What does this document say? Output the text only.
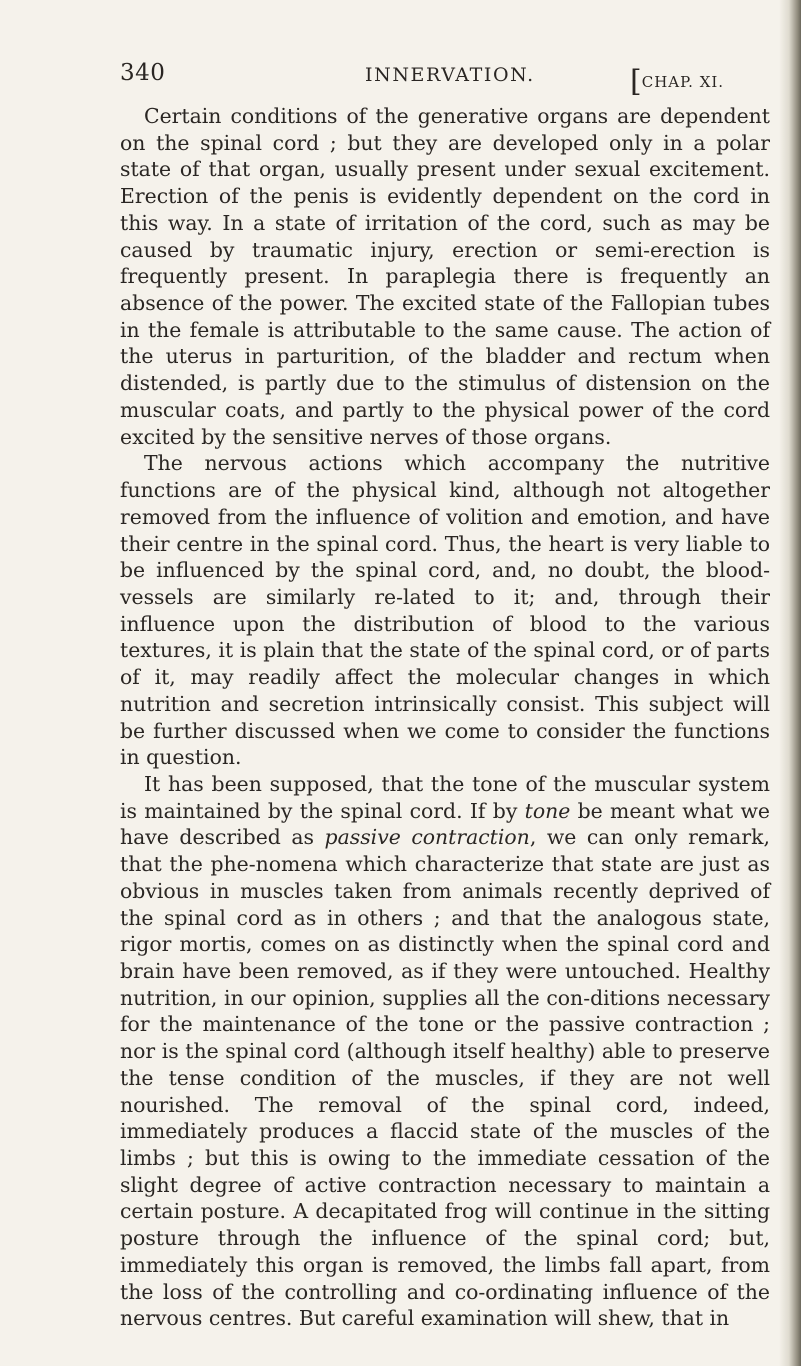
340	INNERVATION.	[CHAP. XI.

Certain conditions of the generative organs are dependent on the spinal cord ; but they are developed only in a polar state of that organ, usually present under sexual excitement. Erection of the penis is evidently dependent on the cord in this way. In a state of irritation of the cord, such as may be caused by traumatic injury, erection or semi-erection is frequently present. In paraplegia there is frequently an absence of the power. The excited state of the Fallopian tubes in the female is attributable to the same cause. The action of the uterus in parturition, of the bladder and rectum when distended, is partly due to the stimulus of distension on the muscular coats, and partly to the physical power of the cord excited by the sensitive nerves of those organs.

The nervous actions which accompany the nutritive functions are of the physical kind, although not altogether removed from the influence of volition and emotion, and have their centre in the spinal cord. Thus, the heart is very liable to be influenced by the spinal cord, and, no doubt, the blood-vessels are similarly re-lated to it; and, through their influence upon the distribution of blood to the various textures, it is plain that the state of the spinal cord, or of parts of it, may readily affect the molecular changes in which nutrition and secretion intrinsically consist. This subject will be further discussed when we come to consider the functions in question.

It has been supposed, that the tone of the muscular system is maintained by the spinal cord. If by tone be meant what we have described as passive contraction, we can only remark, that the phe-nomena which characterize that state are just as obvious in muscles taken from animals recently deprived of the spinal cord as in others ; and that the analogous state, rigor mortis, comes on as distinctly when the spinal cord and brain have been removed, as if they were untouched. Healthy nutrition, in our opinion, supplies all the con-ditions necessary for the maintenance of the tone or the passive contraction ; nor is the spinal cord (although itself healthy) able to preserve the tense condition of the muscles, if they are not well nourished. The removal of the spinal cord, indeed, immediately produces a flaccid state of the muscles of the limbs ; but this is owing to the immediate cessation of the slight degree of active contraction necessary to maintain a certain posture. A decapitated frog will continue in the sitting posture through the influence of the spinal cord; but, immediately this organ is removed, the limbs fall apart, from the loss of the controlling and co-ordinating influence of the nervous centres. But careful examination will shew, that in
